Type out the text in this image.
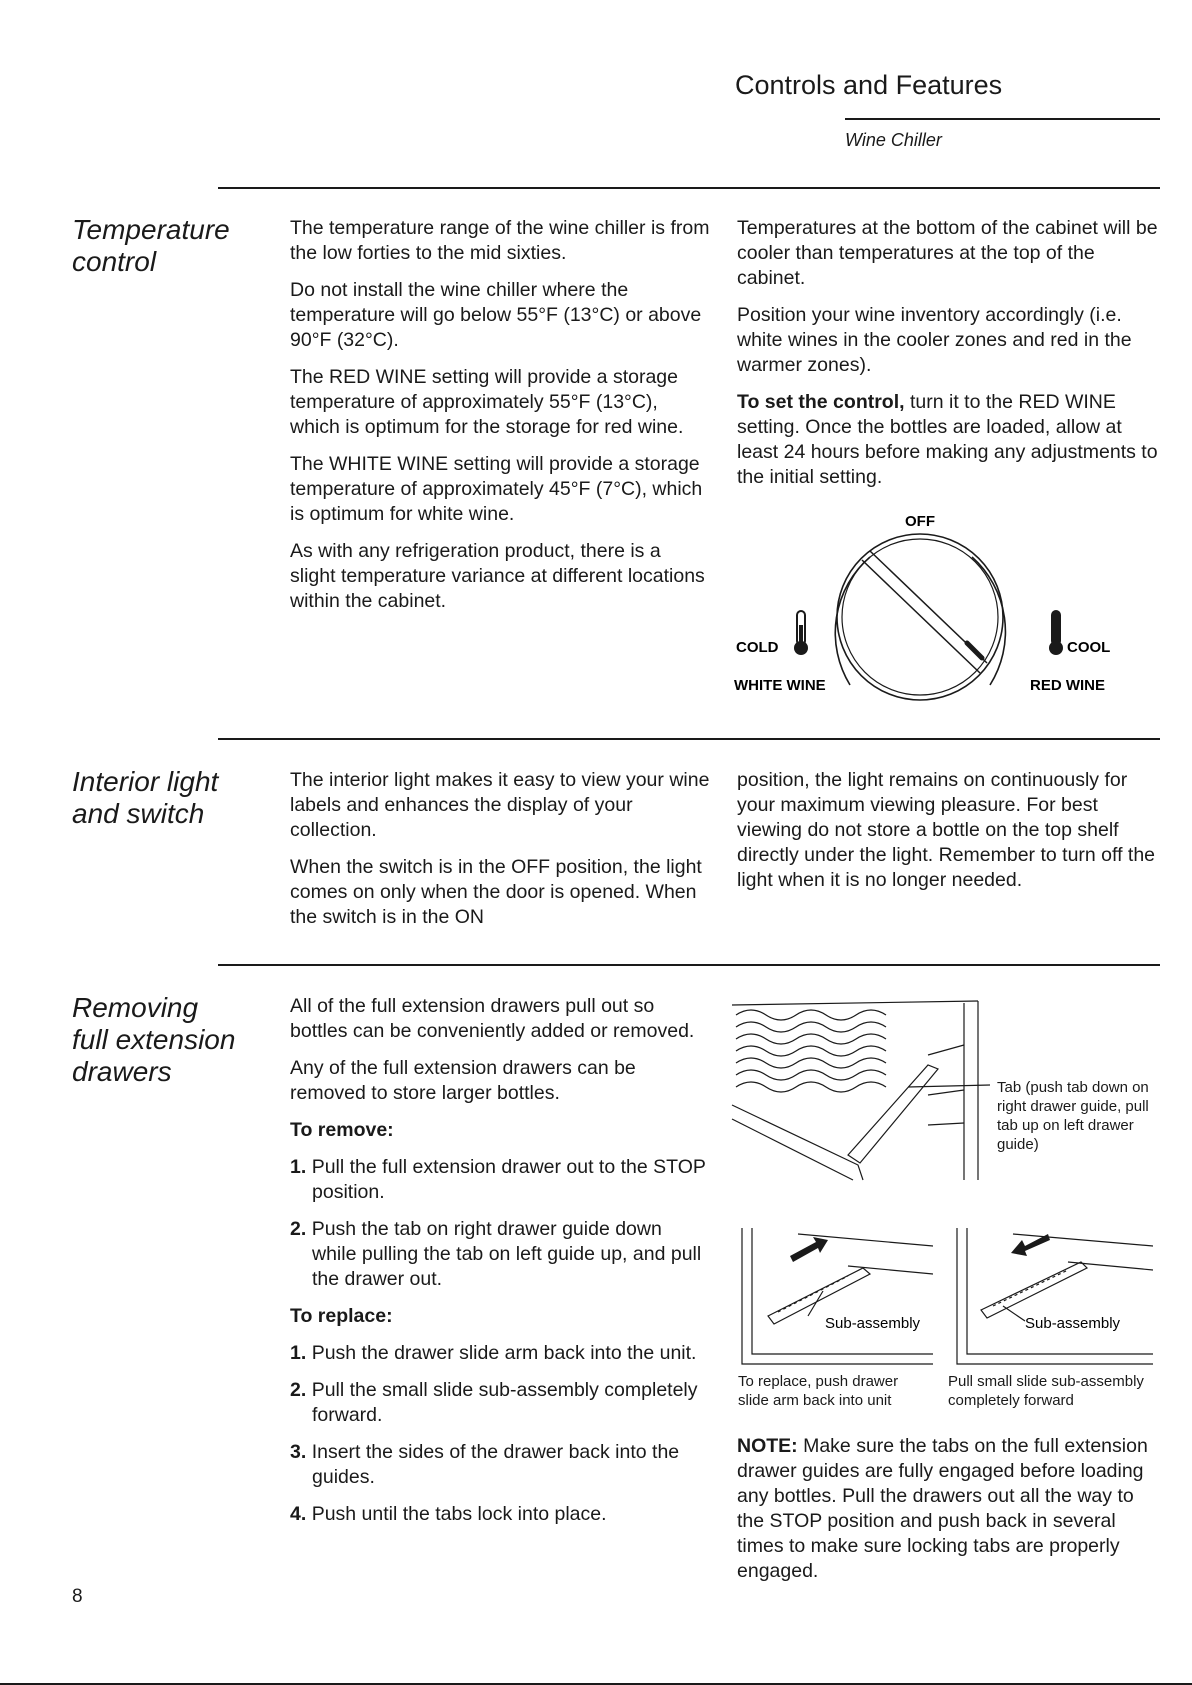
Controls and Features
Wine Chiller
Temperature
control

The temperature range of the wine chiller is from the low forties to the mid sixties.

Do not install the wine chiller where the temperature will go below 55°F (13°C) or above 90°F (32°C).

The RED WINE setting will provide a storage temperature of approximately 55°F (13°C), which is optimum for the storage for red wine.

The WHITE WINE setting will provide a storage temperature of approximately 45°F (7°C), which is optimum for white wine.

As with any refrigeration product, there is a slight temperature variance at different locations within the cabinet.

Temperatures at the bottom of the cabinet will be cooler than temperatures at the top of the cabinet.

Position your wine inventory accordingly (i.e. white wines in the cooler zones and red in the warmer zones).

To set the control, turn it to the RED WINE setting. Once the bottles are loaded, allow at least 24 hours before making any adjustments to the initial setting.

OFF
COLD	COOL
WHITE WINE	RED WINE
Interior light
and switch

The interior light makes it easy to view your wine labels and enhances the display of your collection.

When the switch is in the OFF position, the light comes on only when the door is opened. When the switch is in the ON

position, the light remains on continuously for your maximum viewing pleasure. For best viewing do not store a bottle on the top shelf directly under the light. Remember to turn off the light when it is no longer needed.

Removing
full extension
drawers

All of the full extension drawers pull out so bottles can be conveniently added or removed.

Any of the full extension drawers can be removed to store larger bottles.

To remove:

1. Pull the full extension drawer out to the STOP position.

2. Push the tab on right drawer guide down while pulling the tab on left guide up, and pull the drawer out.

To replace:

1. Push the drawer slide arm back into the unit.

2. Pull the small slide sub-assembly completely forward.

3. Insert the sides of the drawer back into the guides.

4. Push until the tabs lock into place.

Tab (push tab down on right drawer guide, pull tab up on left drawer guide)
Sub-assembly	Sub-assembly
To replace, push drawer slide arm back into unit
Pull small slide sub-assembly completely forward

NOTE: Make sure the tabs on the full extension drawer guides are fully engaged before loading any bottles. Pull the drawers out all the way to the STOP position and push back in several times to make sure locking tabs are properly engaged.

8
